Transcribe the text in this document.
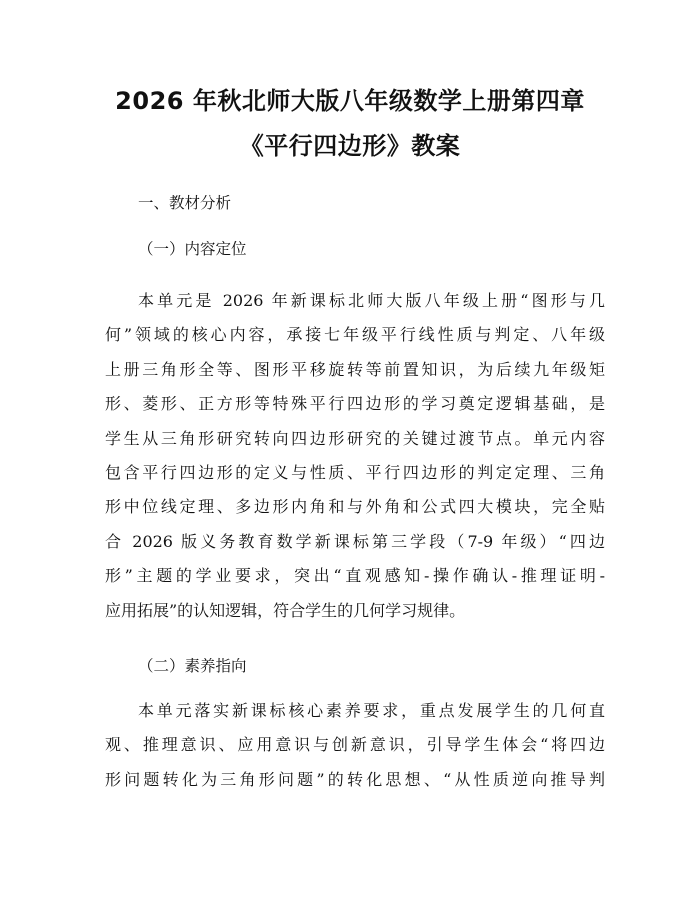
2026 年秋北师大版八年级数学上册第四章
《平行四边形》教案
一、教材分析
（一）内容定位
本单元是 2026 年新课标北师大版八年级上册“图形与几
何”领域的核心内容，承接七年级平行线性质与判定、八年级
上册三角形全等、图形平移旋转等前置知识，为后续九年级矩
形、菱形、正方形等特殊平行四边形的学习奠定逻辑基础，是
学生从三角形研究转向四边形研究的关键过渡节点。单元内容
包含平行四边形的定义与性质、平行四边形的判定定理、三角
形中位线定理、多边形内角和与外角和公式四大模块，完全贴
合 2026 版义务教育数学新课标第三学段（7-9 年级）“四边
形”主题的学业要求，突出“直观感知-操作确认-推理证明-
应用拓展”的认知逻辑，符合学生的几何学习规律。
（二）素养指向
本单元落实新课标核心素养要求，重点发展学生的几何直
观、推理意识、应用意识与创新意识，引导学生体会“将四边
形问题转化为三角形问题”的转化思想、“从性质逆向推导判
